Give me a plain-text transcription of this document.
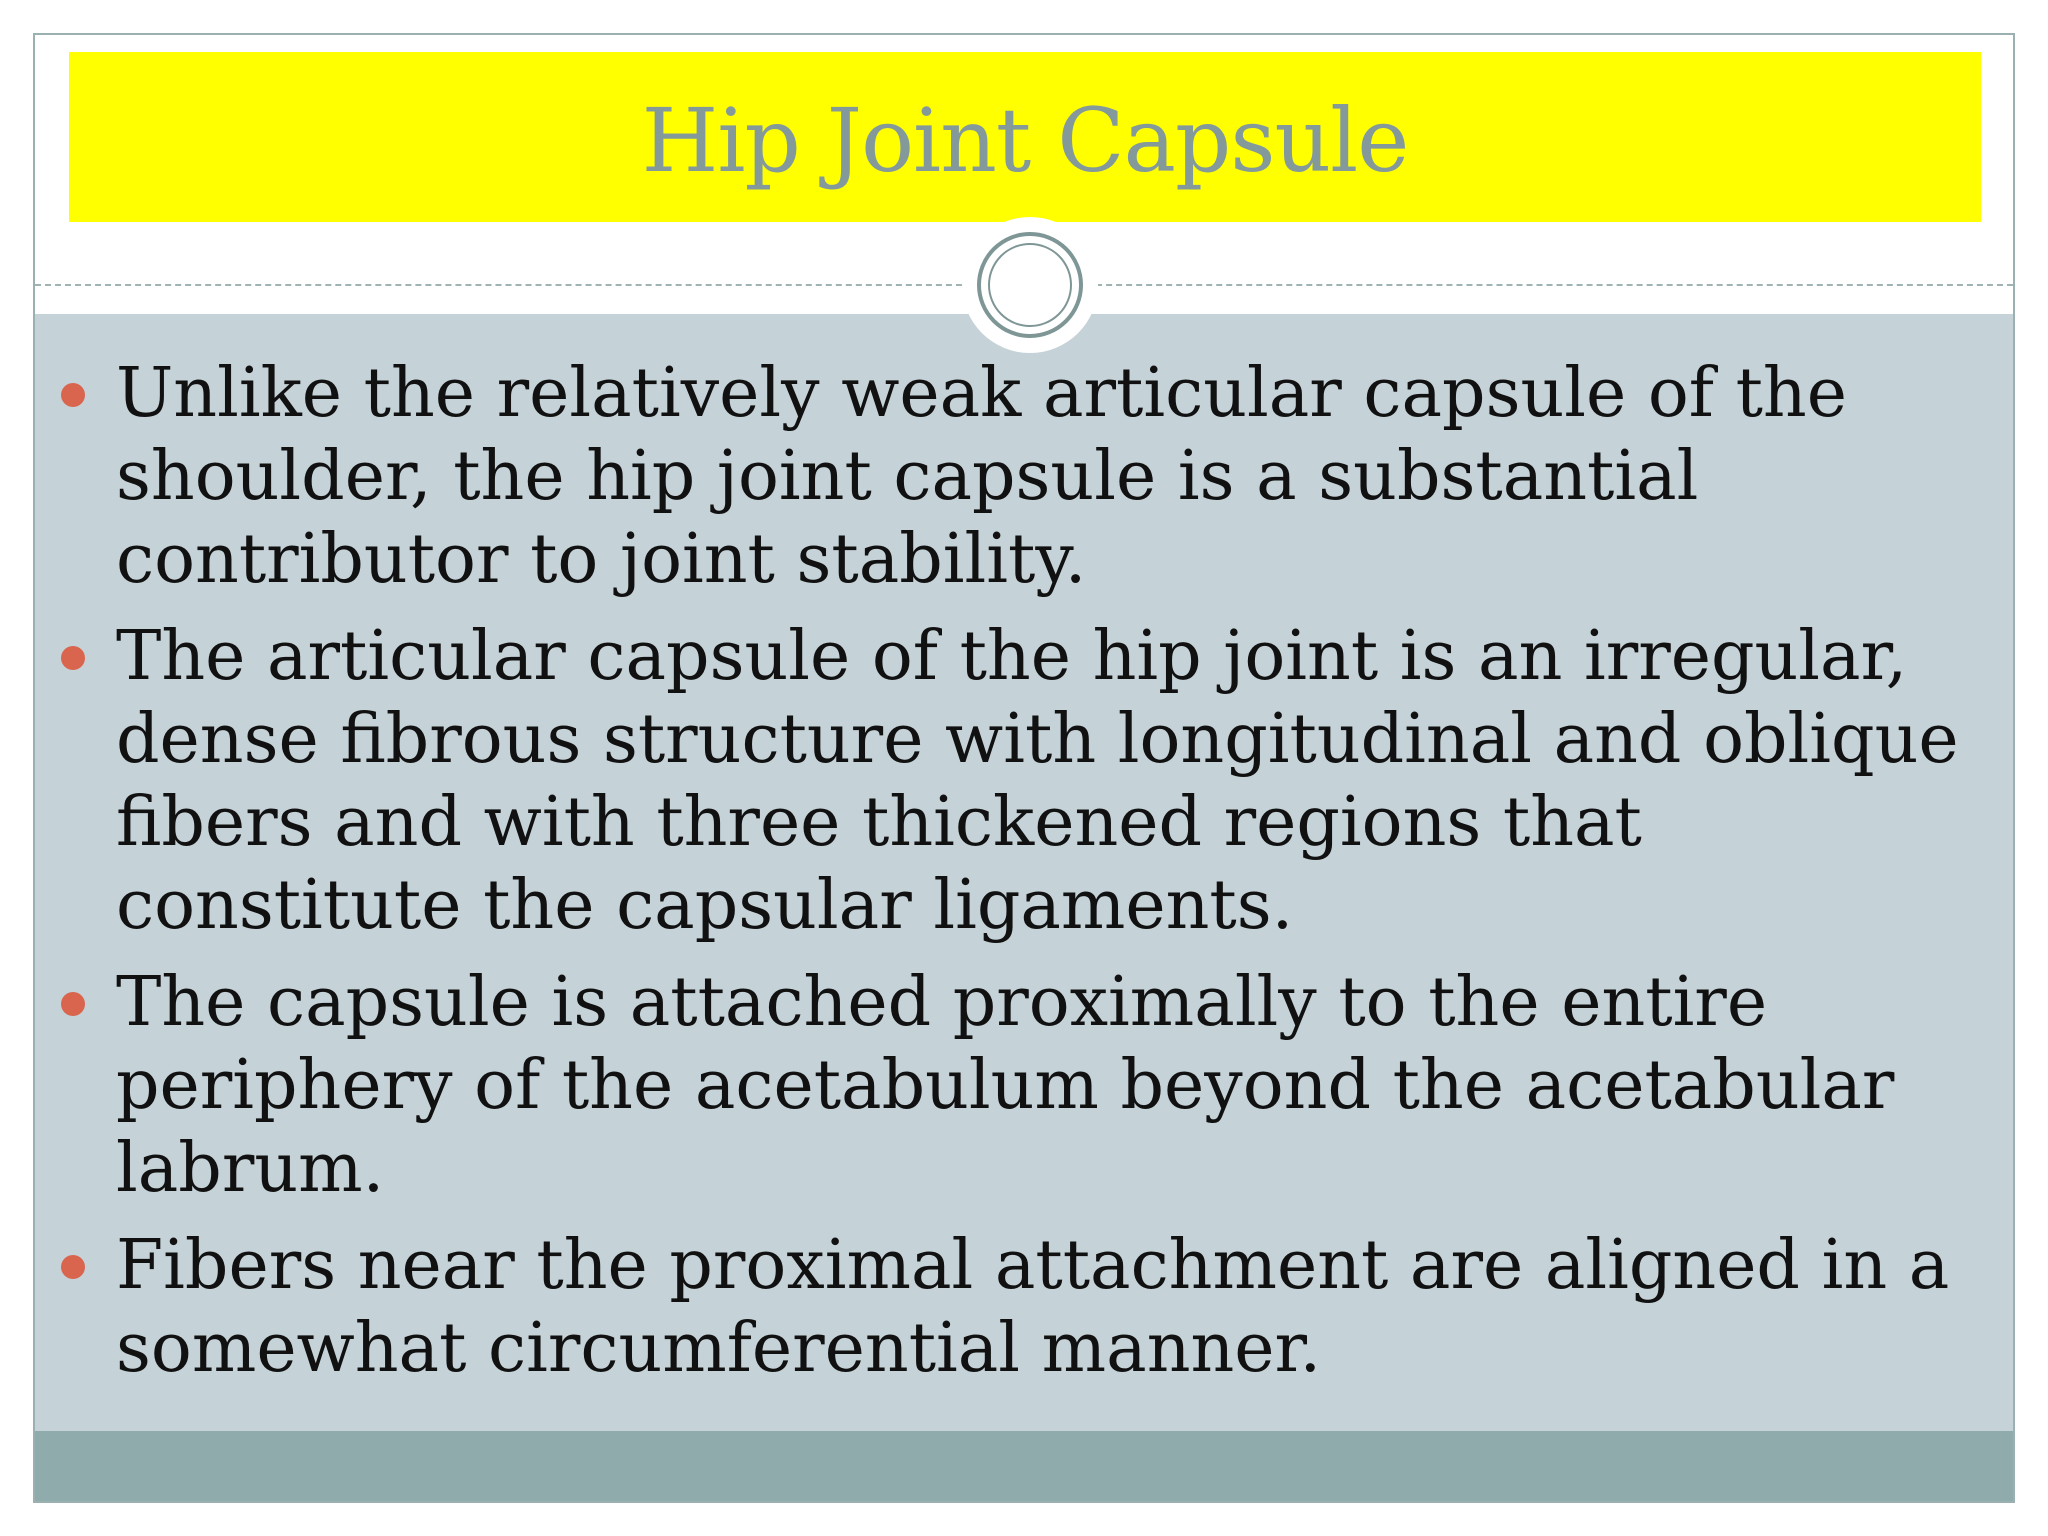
Hip Joint Capsule
Unlike the relatively weak articular capsule of the shoulder, the hip joint capsule is a substantial contributor to joint stability.
The articular capsule of the hip joint is an irregular, dense fibrous structure with longitudinal and oblique fibers and with three thickened regions that constitute the capsular ligaments.
The capsule is attached proximally to the entire periphery of the acetabulum beyond the acetabular labrum.
Fibers near the proximal attachment are aligned in a somewhat circumferential manner.
